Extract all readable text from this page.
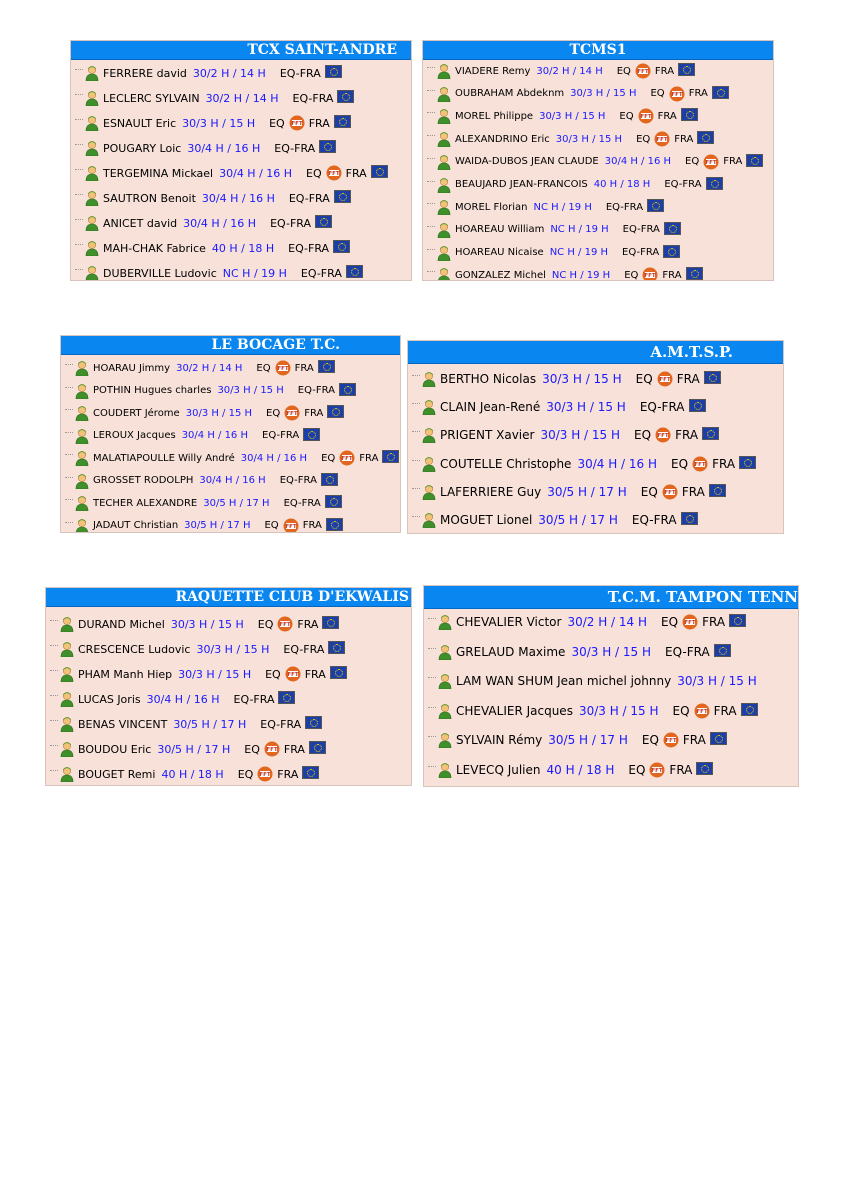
TCX SAINT-ANDRE
FERRERE david 30/2 H / 14 H EQ-FRA
LECLERC SYLVAIN 30/2 H / 14 H EQ-FRA
ESNAULT Eric 30/3 H / 15 H EQ FRA
POUGARY Loic 30/4 H / 16 H EQ-FRA
TERGEMINA Mickael 30/4 H / 16 H EQ FRA
SAUTRON Benoit 30/4 H / 16 H EQ-FRA
ANICET david 30/4 H / 16 H EQ-FRA
MAH-CHAK Fabrice 40 H / 18 H EQ-FRA
DUBERVILLE Ludovic NC H / 19 H EQ-FRA
TCMS1
VIADERE Remy 30/2 H / 14 H EQ FRA
OUBRAHAM Abdeknm 30/3 H / 15 H EQ FRA
MOREL Philippe 30/3 H / 15 H EQ FRA
ALEXANDRINO Eric 30/3 H / 15 H EQ FRA
WAIDA-DUBOS JEAN CLAUDE 30/4 H / 16 H EQ FRA
BEAUJARD JEAN-FRANCOIS 40 H / 18 H EQ-FRA
MOREL Florian NC H / 19 H EQ-FRA
HOAREAU William NC H / 19 H EQ-FRA
HOAREAU Nicaise NC H / 19 H EQ-FRA
GONZALEZ Michel NC H / 19 H EQ FRA
LE BOCAGE T.C.
HOARAU Jimmy 30/2 H / 14 H EQ FRA
POTHIN Hugues charles 30/3 H / 15 H EQ-FRA
COUDERT Jérome 30/3 H / 15 H EQ FRA
LEROUX Jacques 30/4 H / 16 H EQ-FRA
MALATIAPOULLE Willy André 30/4 H / 16 H EQ FRA
GROSSET RODOLPH 30/4 H / 16 H EQ-FRA
TECHER ALEXANDRE 30/5 H / 17 H EQ-FRA
JADAUT Christian 30/5 H / 17 H EQ FRA
A.M.T.S.P.
BERTHO Nicolas 30/3 H / 15 H EQ FRA
CLAIN Jean-René 30/3 H / 15 H EQ-FRA
PRIGENT Xavier 30/3 H / 15 H EQ FRA
COUTELLE Christophe 30/4 H / 16 H EQ FRA
LAFERRIERE Guy 30/5 H / 17 H EQ FRA
MOGUET Lionel 30/5 H / 17 H EQ-FRA
RAQUETTE CLUB D'EKWALIS
DURAND Michel 30/3 H / 15 H EQ FRA
CRESCENCE Ludovic 30/3 H / 15 H EQ-FRA
PHAM Manh Hiep 30/3 H / 15 H EQ FRA
LUCAS Joris 30/4 H / 16 H EQ-FRA
BENAS VINCENT 30/5 H / 17 H EQ-FRA
BOUDOU Eric 30/5 H / 17 H EQ FRA
BOUGET Remi 40 H / 18 H EQ FRA
T.C.M. TAMPON TENN
CHEVALIER Victor 30/2 H / 14 H EQ FRA
GRELAUD Maxime 30/3 H / 15 H EQ-FRA
LAM WAN SHUM Jean michel johnny 30/3 H / 15 H
CHEVALIER Jacques 30/3 H / 15 H EQ FRA
SYLVAIN Rémy 30/5 H / 17 H EQ FRA
LEVECQ Julien 40 H / 18 H EQ FRA
